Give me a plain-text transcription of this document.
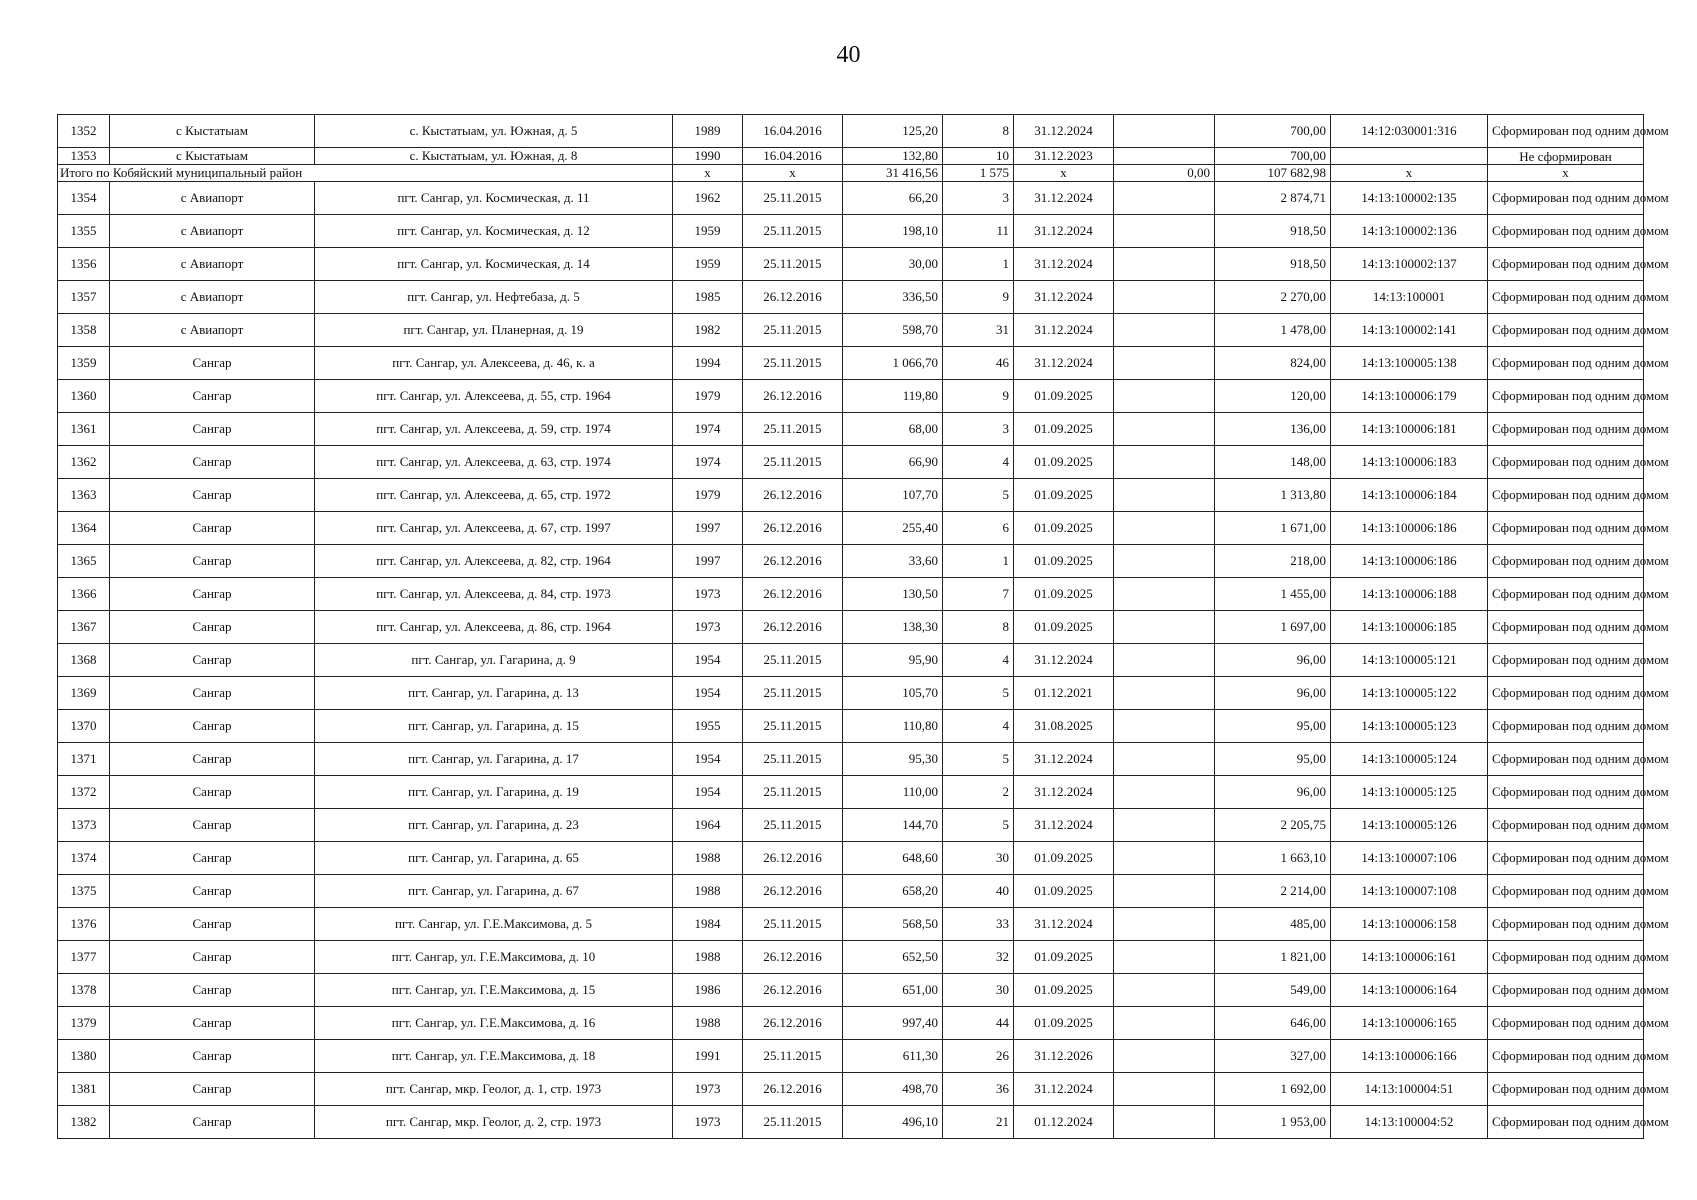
40
1352	с Кыстатыам	с. Кыстатыам, ул. Южная, д. 5	1989	16.04.2016	125,20	8	31.12.2024		700,00	14:12:030001:316	Сформирован под одним домом
1353	с Кыстатыам	с. Кыстатыам, ул. Южная, д. 8	1990	16.04.2016	132,80	10	31.12.2023		700,00		Не сформирован
Итого по Кобяйский муниципальный район			x	x	31 416,56	1 575	x	0,00	107 682,98	x	x
1354	с Авиапорт	пгт. Сангар, ул. Космическая, д. 11	1962	25.11.2015	66,20	3	31.12.2024		2 874,71	14:13:100002:135	Сформирован под одним домом
1355	с Авиапорт	пгт. Сангар, ул. Космическая, д. 12	1959	25.11.2015	198,10	11	31.12.2024		918,50	14:13:100002:136	Сформирован под одним домом
1356	с Авиапорт	пгт. Сангар, ул. Космическая, д. 14	1959	25.11.2015	30,00	1	31.12.2024		918,50	14:13:100002:137	Сформирован под одним домом
1357	с Авиапорт	пгт. Сангар, ул. Нефтебаза, д. 5	1985	26.12.2016	336,50	9	31.12.2024		2 270,00	14:13:100001	Сформирован под одним домом
1358	с Авиапорт	пгт. Сангар, ул. Планерная, д. 19	1982	25.11.2015	598,70	31	31.12.2024		1 478,00	14:13:100002:141	Сформирован под одним домом
1359	Сангар	пгт. Сангар, ул. Алексеева, д. 46, к. а	1994	25.11.2015	1 066,70	46	31.12.2024		824,00	14:13:100005:138	Сформирован под одним домом
1360	Сангар	пгт. Сангар, ул. Алексеева, д. 55, стр. 1964	1979	26.12.2016	119,80	9	01.09.2025		120,00	14:13:100006:179	Сформирован под одним домом
1361	Сангар	пгт. Сангар, ул. Алексеева, д. 59, стр. 1974	1974	25.11.2015	68,00	3	01.09.2025		136,00	14:13:100006:181	Сформирован под одним домом
1362	Сангар	пгт. Сангар, ул. Алексеева, д. 63, стр. 1974	1974	25.11.2015	66,90	4	01.09.2025		148,00	14:13:100006:183	Сформирован под одним домом
1363	Сангар	пгт. Сангар, ул. Алексеева, д. 65, стр. 1972	1979	26.12.2016	107,70	5	01.09.2025		1 313,80	14:13:100006:184	Сформирован под одним домом
1364	Сангар	пгт. Сангар, ул. Алексеева, д. 67, стр. 1997	1997	26.12.2016	255,40	6	01.09.2025		1 671,00	14:13:100006:186	Сформирован под одним домом
1365	Сангар	пгт. Сангар, ул. Алексеева, д. 82, стр. 1964	1997	26.12.2016	33,60	1	01.09.2025		218,00	14:13:100006:186	Сформирован под одним домом
1366	Сангар	пгт. Сангар, ул. Алексеева, д. 84, стр. 1973	1973	26.12.2016	130,50	7	01.09.2025		1 455,00	14:13:100006:188	Сформирован под одним домом
1367	Сангар	пгт. Сангар, ул. Алексеева, д. 86, стр. 1964	1973	26.12.2016	138,30	8	01.09.2025		1 697,00	14:13:100006:185	Сформирован под одним домом
1368	Сангар	пгт. Сангар, ул. Гагарина, д. 9	1954	25.11.2015	95,90	4	31.12.2024		96,00	14:13:100005:121	Сформирован под одним домом
1369	Сангар	пгт. Сангар, ул. Гагарина, д. 13	1954	25.11.2015	105,70	5	01.12.2021		96,00	14:13:100005:122	Сформирован под одним домом
1370	Сангар	пгт. Сангар, ул. Гагарина, д. 15	1955	25.11.2015	110,80	4	31.08.2025		95,00	14:13:100005:123	Сформирован под одним домом
1371	Сангар	пгт. Сангар, ул. Гагарина, д. 17	1954	25.11.2015	95,30	5	31.12.2024		95,00	14:13:100005:124	Сформирован под одним домом
1372	Сангар	пгт. Сангар, ул. Гагарина, д. 19	1954	25.11.2015	110,00	2	31.12.2024		96,00	14:13:100005:125	Сформирован под одним домом
1373	Сангар	пгт. Сангар, ул. Гагарина, д. 23	1964	25.11.2015	144,70	5	31.12.2024		2 205,75	14:13:100005:126	Сформирован под одним домом
1374	Сангар	пгт. Сангар, ул. Гагарина, д. 65	1988	26.12.2016	648,60	30	01.09.2025		1 663,10	14:13:100007:106	Сформирован под одним домом
1375	Сангар	пгт. Сангар, ул. Гагарина, д. 67	1988	26.12.2016	658,20	40	01.09.2025		2 214,00	14:13:100007:108	Сформирован под одним домом
1376	Сангар	пгт. Сангар, ул. Г.Е.Максимова, д. 5	1984	25.11.2015	568,50	33	31.12.2024		485,00	14:13:100006:158	Сформирован под одним домом
1377	Сангар	пгт. Сангар, ул. Г.Е.Максимова, д. 10	1988	26.12.2016	652,50	32	01.09.2025		1 821,00	14:13:100006:161	Сформирован под одним домом
1378	Сангар	пгт. Сангар, ул. Г.Е.Максимова, д. 15	1986	26.12.2016	651,00	30	01.09.2025		549,00	14:13:100006:164	Сформирован под одним домом
1379	Сангар	пгт. Сангар, ул. Г.Е.Максимова, д. 16	1988	26.12.2016	997,40	44	01.09.2025		646,00	14:13:100006:165	Сформирован под одним домом
1380	Сангар	пгт. Сангар, ул. Г.Е.Максимова, д. 18	1991	25.11.2015	611,30	26	31.12.2026		327,00	14:13:100006:166	Сформирован под одним домом
1381	Сангар	пгт. Сангар, мкр. Геолог, д. 1, стр. 1973	1973	26.12.2016	498,70	36	31.12.2024		1 692,00	14:13:100004:51	Сформирован под одним домом
1382	Сангар	пгт. Сангар, мкр. Геолог, д. 2, стр. 1973	1973	25.11.2015	496,10	21	01.12.2024		1 953,00	14:13:100004:52	Сформирован под одним домом
